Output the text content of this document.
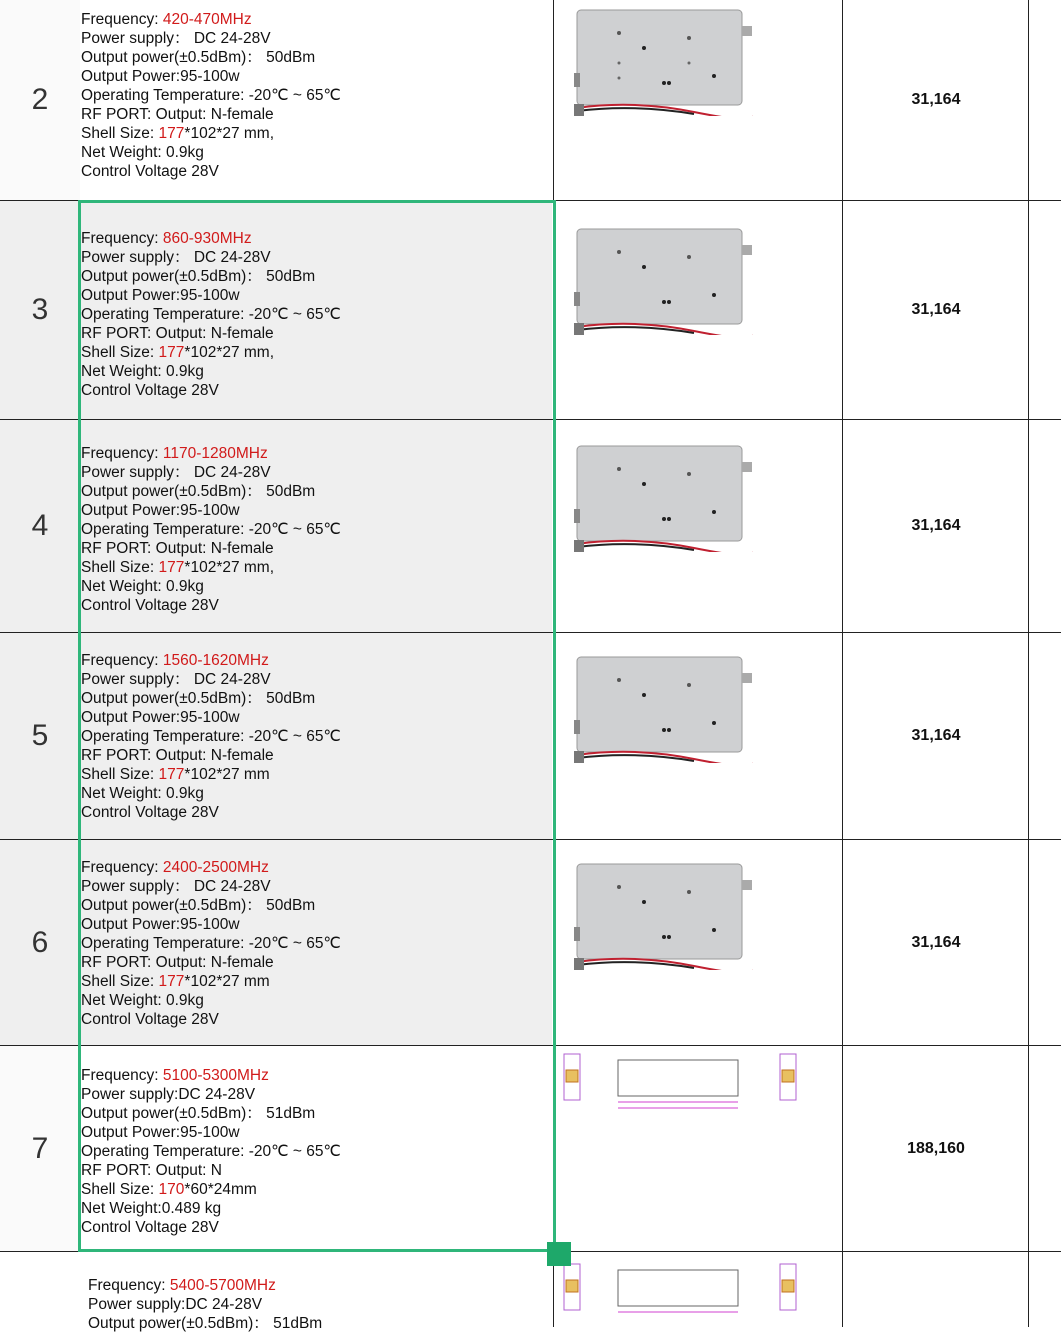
2
Frequency: 420-470MHz
Power supply： DC 24-28V
Output power(±0.5dBm)： 50dBm
Output Power:95-100w
Operating Temperature: -20℃ ~ 65℃
RF PORT: Output: N-female
Shell Size: 177*102*27 mm,
Net Weight: 0.9kg
Control Voltage 28V
31,164
3
Frequency: 860-930MHz
Power supply： DC 24-28V
Output power(±0.5dBm)： 50dBm
Output Power:95-100w
Operating Temperature: -20℃ ~ 65℃
RF PORT: Output: N-female
Shell Size: 177*102*27 mm,
Net Weight: 0.9kg
Control Voltage 28V
31,164
4
Frequency: 1170-1280MHz
Power supply： DC 24-28V
Output power(±0.5dBm)： 50dBm
Output Power:95-100w
Operating Temperature: -20℃ ~ 65℃
RF PORT: Output: N-female
Shell Size: 177*102*27 mm,
Net Weight: 0.9kg
Control Voltage 28V
31,164
5
Frequency: 1560-1620MHz
Power supply： DC 24-28V
Output power(±0.5dBm)： 50dBm
Output Power:95-100w
Operating Temperature: -20℃ ~ 65℃
RF PORT: Output: N-female
Shell Size: 177*102*27 mm
Net Weight: 0.9kg
Control Voltage 28V
31,164
6
Frequency: 2400-2500MHz
Power supply： DC 24-28V
Output power(±0.5dBm)： 50dBm
Output Power:95-100w
Operating Temperature: -20℃ ~ 65℃
RF PORT: Output: N-female
Shell Size: 177*102*27 mm
Net Weight: 0.9kg
Control Voltage 28V
31,164
7
Frequency: 5100-5300MHz
Power supply:DC 24-28V
Output power(±0.5dBm)： 51dBm
Output Power:95-100w
Operating Temperature: -20℃ ~ 65℃
RF PORT: Output: N
Shell Size: 170*60*24mm
Net Weight:0.489 kg
Control Voltage 28V
188,160
Frequency: 5400-5700MHz
Power supply:DC 24-28V
Output power(±0.5dBm)： 51dBm
